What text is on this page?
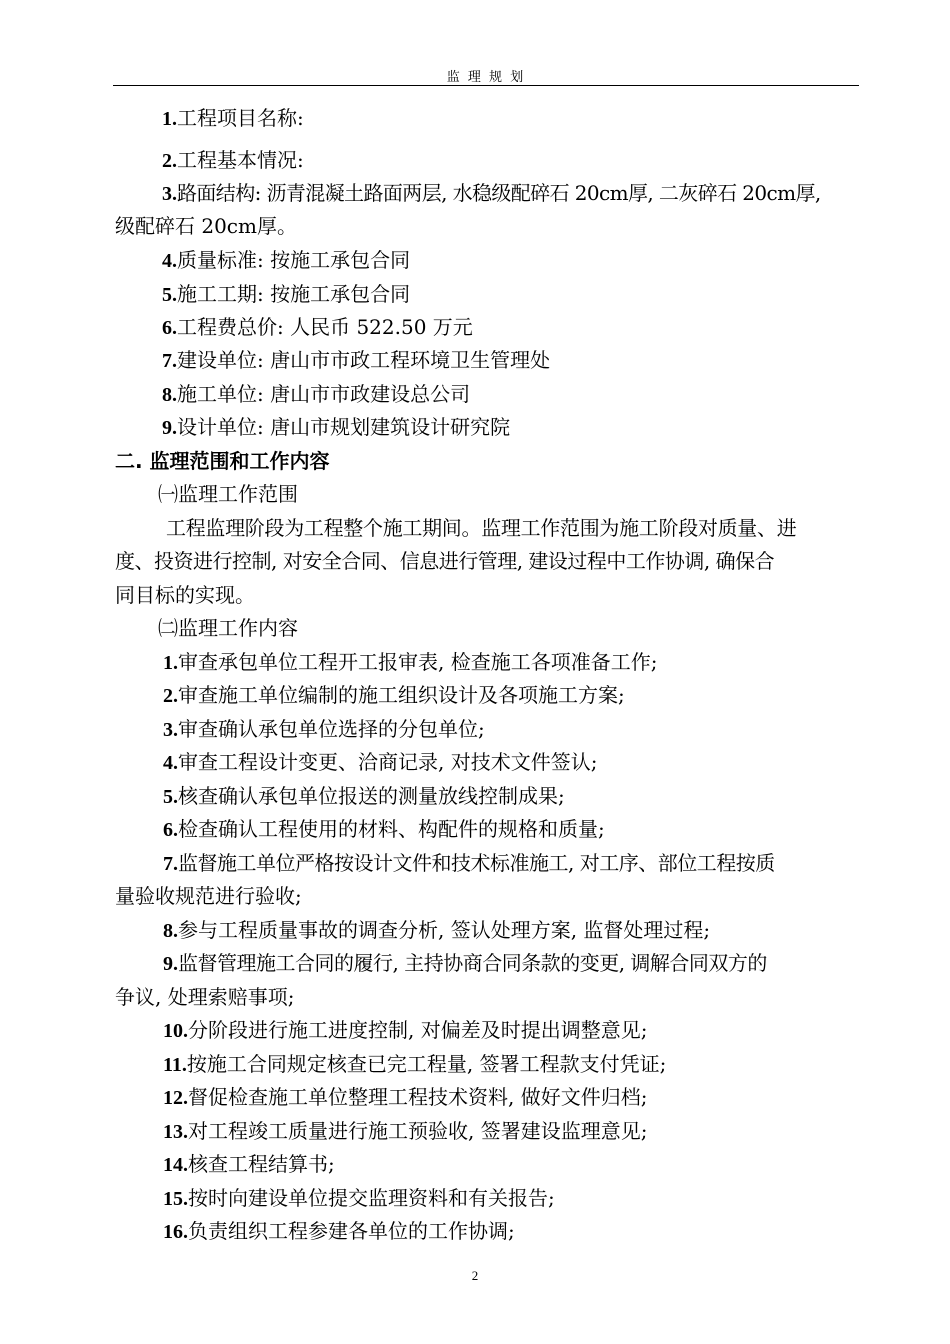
监 理 规 划
1.工程项目名称:
2.工程基本情况:
3.路面结构: 沥青混凝土路面两层, 水稳级配碎石 20cm厚, 二灰碎石 20cm厚,
级配碎石 20cm厚。
4.质量标准: 按施工承包合同
5.施工工期: 按施工承包合同
6.工程费总价: 人民币 522.50 万元
7.建设单位: 唐山市市政工程环境卫生管理处
8.施工单位: 唐山市市政建设总公司
9.设计单位: 唐山市规划建筑设计研究院
二. 监理范围和工作内容
㈠监理工作范围
工程监理阶段为工程整个施工期间。监理工作范围为施工阶段对质量、进
度、投资进行控制, 对安全合同、信息进行管理, 建设过程中工作协调, 确保合
同目标的实现。
㈡监理工作内容
1.审查承包单位工程开工报审表, 检查施工各项准备工作;
2.审查施工单位编制的施工组织设计及各项施工方案;
3.审查确认承包单位选择的分包单位;
4.审查工程设计变更、洽商记录, 对技术文件签认;
5.核查确认承包单位报送的测量放线控制成果;
6.检查确认工程使用的材料、构配件的规格和质量;
7.监督施工单位严格按设计文件和技术标准施工, 对工序、部位工程按质
量验收规范进行验收;
8.参与工程质量事故的调查分析, 签认处理方案, 监督处理过程;
9.监督管理施工合同的履行, 主持协商合同条款的变更, 调解合同双方的
争议, 处理索赔事项;
10.分阶段进行施工进度控制, 对偏差及时提出调整意见;
11.按施工合同规定核查已完工程量, 签署工程款支付凭证;
12.督促检查施工单位整理工程技术资料, 做好文件归档;
13.对工程竣工质量进行施工预验收, 签署建设监理意见;
14.核查工程结算书;
15.按时向建设单位提交监理资料和有关报告;
16.负责组织工程参建各单位的工作协调;
2
